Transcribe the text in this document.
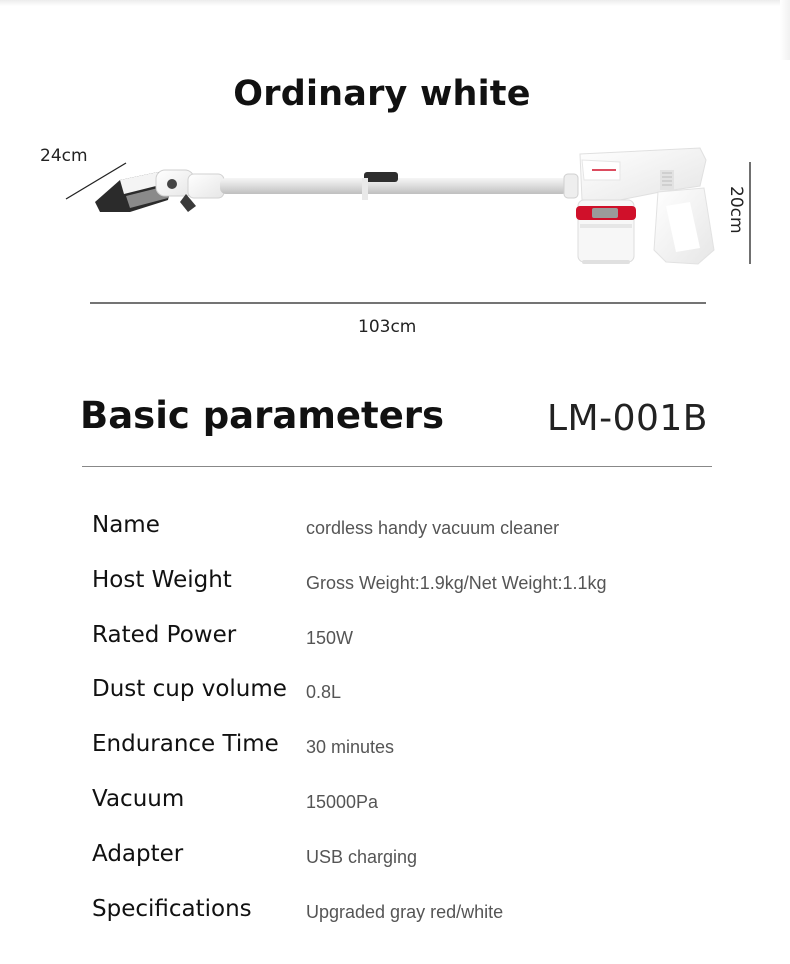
Ordinary white
24cm
103cm
20cm
Basic parameters	LM-001B
Name	cordless handy vacuum cleaner
Host Weight	Gross Weight:1.9kg/Net Weight:1.1kg
Rated Power	150W
Dust cup volume 0.8L
Endurance Time 30 minutes
Vacuum	15000Pa
Adapter	USB charging
Specifications	Upgraded gray red/white
